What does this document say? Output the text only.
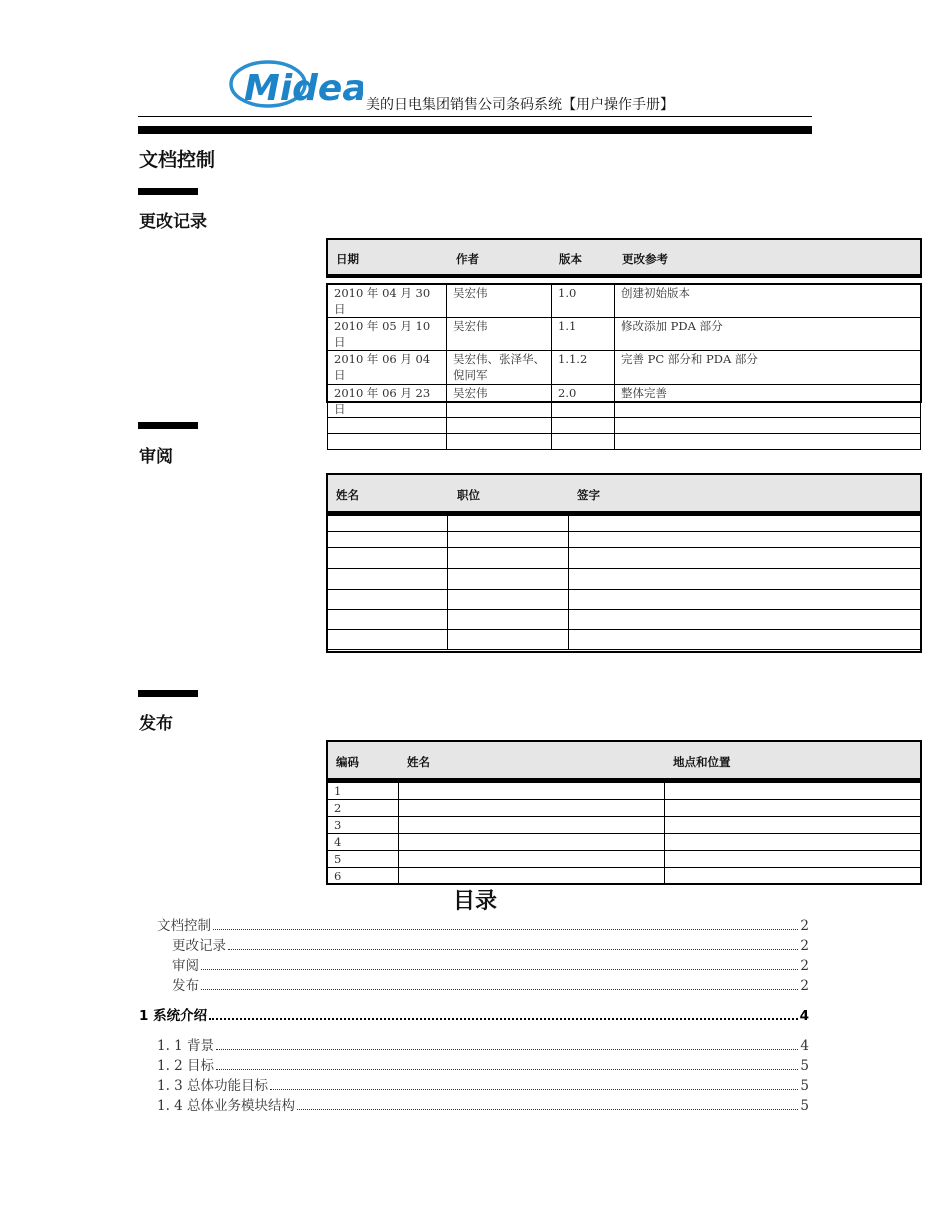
Midea 美的日电集团销售公司条码系统【用户操作手册】
文档控制
更改记录
日期	作者	版本	更改参考
2010 年 04 月 30 日	吴宏伟	1.0	创建初始版本
2010 年 05 月 10 日	吴宏伟	1.1	修改添加 PDA 部分
2010 年 06 月 04 日	吴宏伟、张泽华、倪同军	1.1.2	完善 PC 部分和 PDA 部分
2010 年 06 月 23 日	吴宏伟	2.0	整体完善

审阅
姓名	职位	签字

发布
编码	姓名	地点和位置
1		
2		
3		
4		
5		
6		
目录
文档控制	2
更改记录	2
审阅	2
发布	2
1 系统介绍	4
1. 1 背景	4
1. 2 目标	5
1. 3 总体功能目标	5
1. 4 总体业务模块结构	5
